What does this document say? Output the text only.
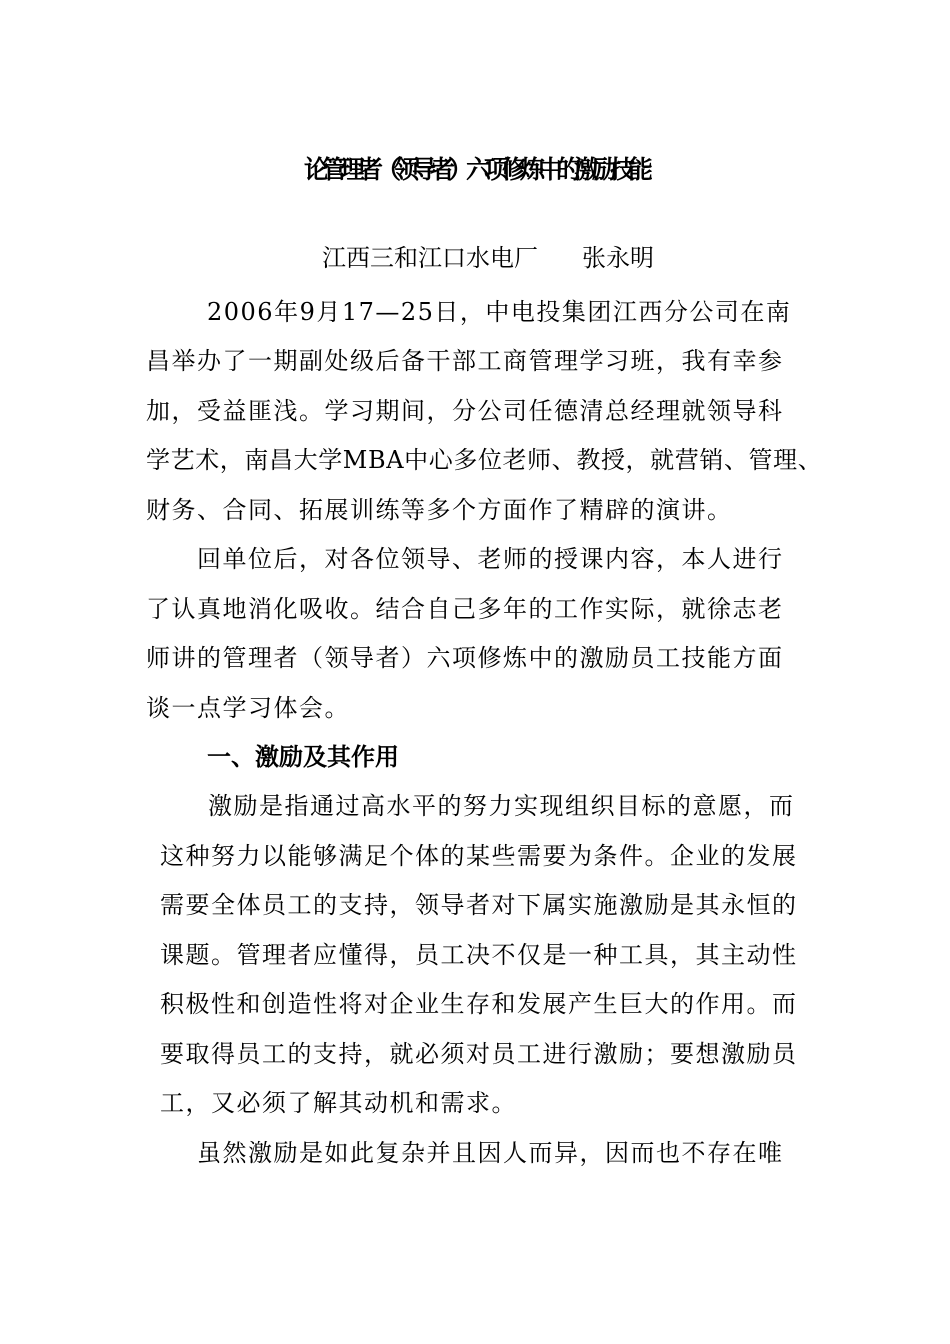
论管理者（领导者）六项修炼中的激励技能
江西三和江口水电厂 张永明
2006年9月17—25日，中电投集团江西分公司在南
昌举办了一期副处级后备干部工商管理学习班，我有幸参
加，受益匪浅。学习期间，分公司任德清总经理就领导科
学艺术，南昌大学MBA中心多位老师、教授，就营销、管理、
财务、合同、拓展训练等多个方面作了精辟的演讲。
回单位后，对各位领导、老师的授课内容，本人进行
了认真地消化吸收。结合自己多年的工作实际，就徐志老
师讲的管理者（领导者）六项修炼中的激励员工技能方面
谈一点学习体会。
一、激励及其作用
激励是指通过高水平的努力实现组织目标的意愿，而
这种努力以能够满足个体的某些需要为条件。企业的发展
需要全体员工的支持，领导者对下属实施激励是其永恒的
课题。管理者应懂得，员工决不仅是一种工具，其主动性
积极性和创造性将对企业生存和发展产生巨大的作用。而
要取得员工的支持，就必须对员工进行激励；要想激励员
工，又必须了解其动机和需求。
虽然激励是如此复杂并且因人而异，因而也不存在唯
